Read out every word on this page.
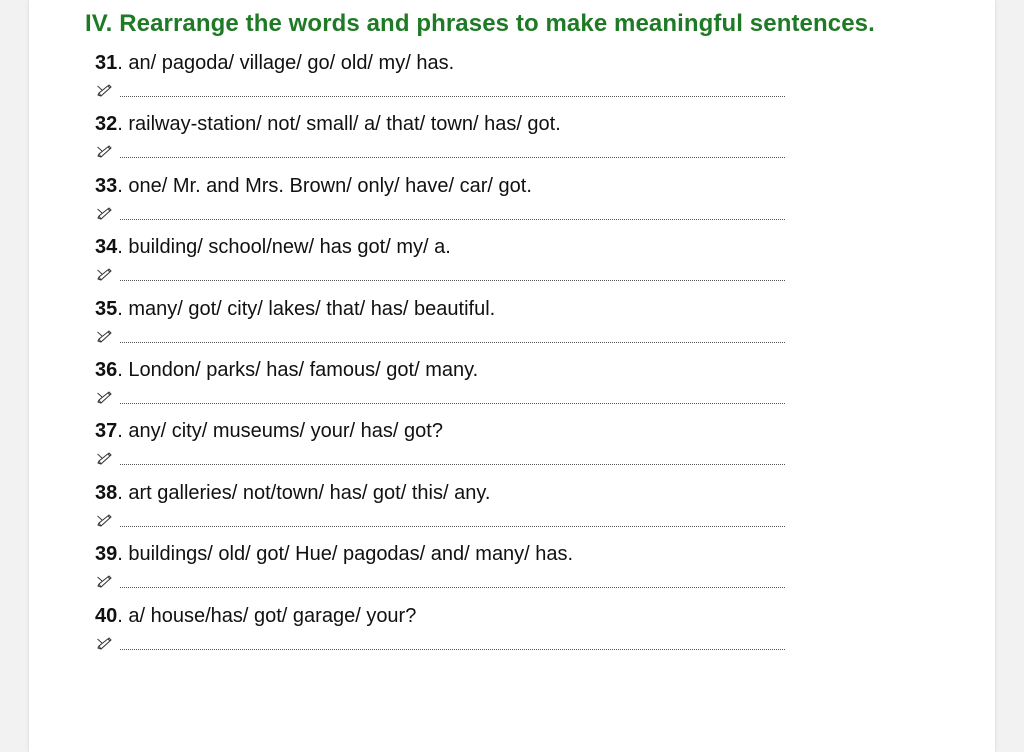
IV. Rearrange the words and phrases to make meaningful sentences.
31. an/ pagoda/ village/ go/ old/ my/ has.
32. railway-station/ not/ small/ a/ that/ town/ has/ got.
33. one/ Mr. and Mrs. Brown/ only/ have/ car/ got.
34. building/ school/new/ has got/ my/ a.
35. many/ got/ city/ lakes/ that/ has/ beautiful.
36. London/ parks/ has/ famous/ got/ many.
37. any/ city/ museums/ your/ has/ got?
38. art galleries/ not/town/ has/ got/ this/ any.
39. buildings/ old/ got/ Hue/ pagodas/ and/ many/ has.
40. a/ house/has/ got/ garage/ your?
